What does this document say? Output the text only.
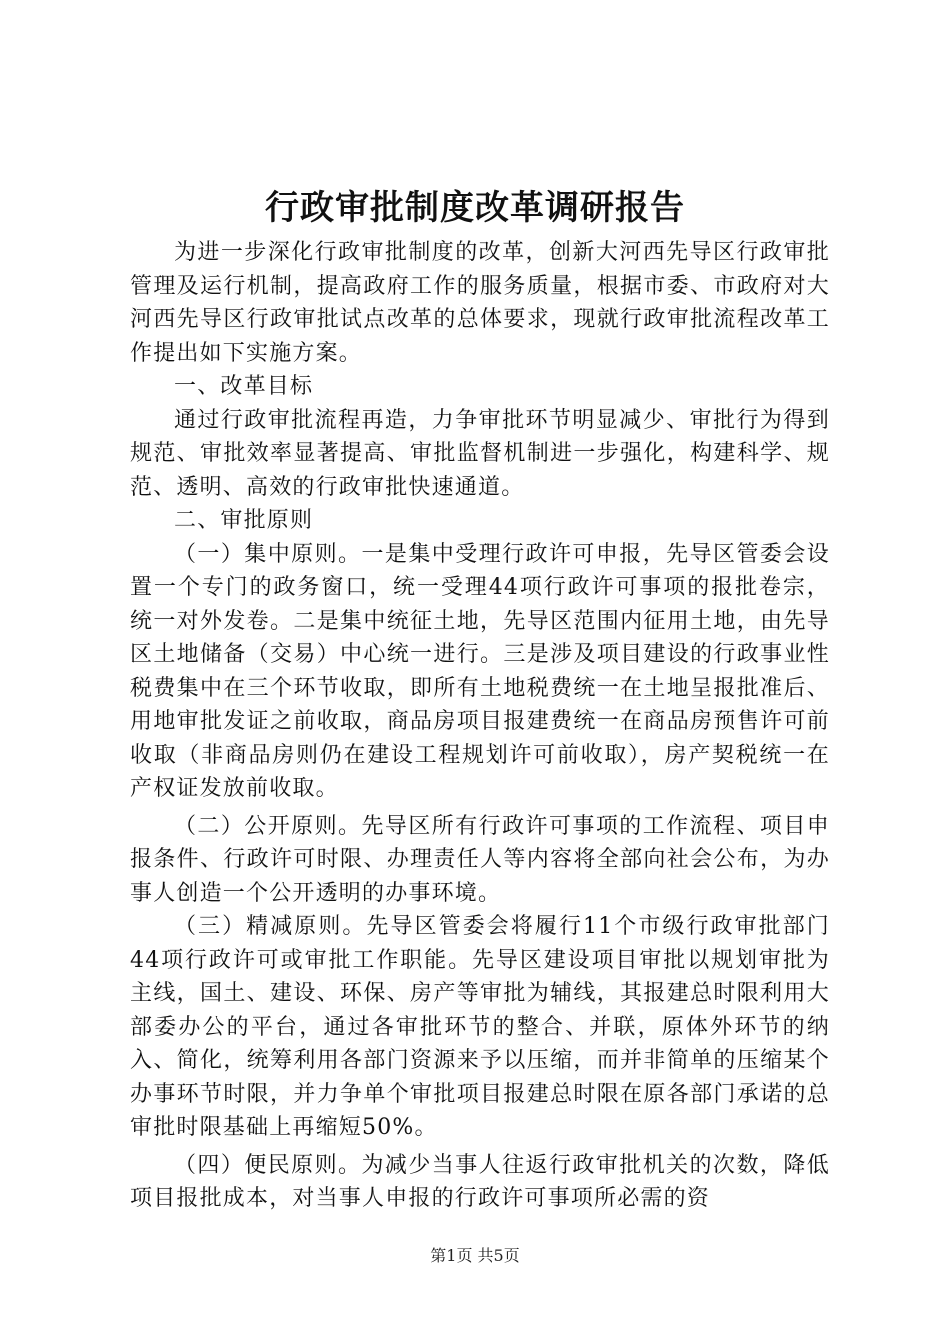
行政审批制度改革调研报告

为进一步深化行政审批制度的改革，创新大河西先导区行政审批管理及运行机制，提高政府工作的服务质量，根据市委、市政府对大河西先导区行政审批试点改革的总体要求，现就行政审批流程改革工作提出如下实施方案。

一、改革目标

通过行政审批流程再造，力争审批环节明显减少、审批行为得到规范、审批效率显著提高、审批监督机制进一步强化，构建科学、规范、透明、高效的行政审批快速通道。

二、审批原则

（一）集中原则。一是集中受理行政许可申报，先导区管委会设置一个专门的政务窗口，统一受理44项行政许可事项的报批卷宗，统一对外发卷。二是集中统征土地，先导区范围内征用土地，由先导区土地储备（交易）中心统一进行。三是涉及项目建设的行政事业性税费集中在三个环节收取，即所有土地税费统一在土地呈报批准后、用地审批发证之前收取，商品房项目报建费统一在商品房预售许可前收取（非商品房则仍在建设工程规划许可前收取），房产契税统一在产权证发放前收取。

（二）公开原则。先导区所有行政许可事项的工作流程、项目申报条件、行政许可时限、办理责任人等内容将全部向社会公布，为办事人创造一个公开透明的办事环境。

（三）精减原则。先导区管委会将履行11个市级行政审批部门44项行政许可或审批工作职能。先导区建设项目审批以规划审批为主线，国土、建设、环保、房产等审批为辅线，其报建总时限利用大部委办公的平台，通过各审批环节的整合、并联，原体外环节的纳入、简化，统筹利用各部门资源来予以压缩，而并非简单的压缩某个办事环节时限，并力争单个审批项目报建总时限在原各部门承诺的总审批时限基础上再缩短50%。

（四）便民原则。为减少当事人往返行政审批机关的次数，降低项目报批成本，对当事人申报的行政许可事项所必需的资

第1页 共5页
